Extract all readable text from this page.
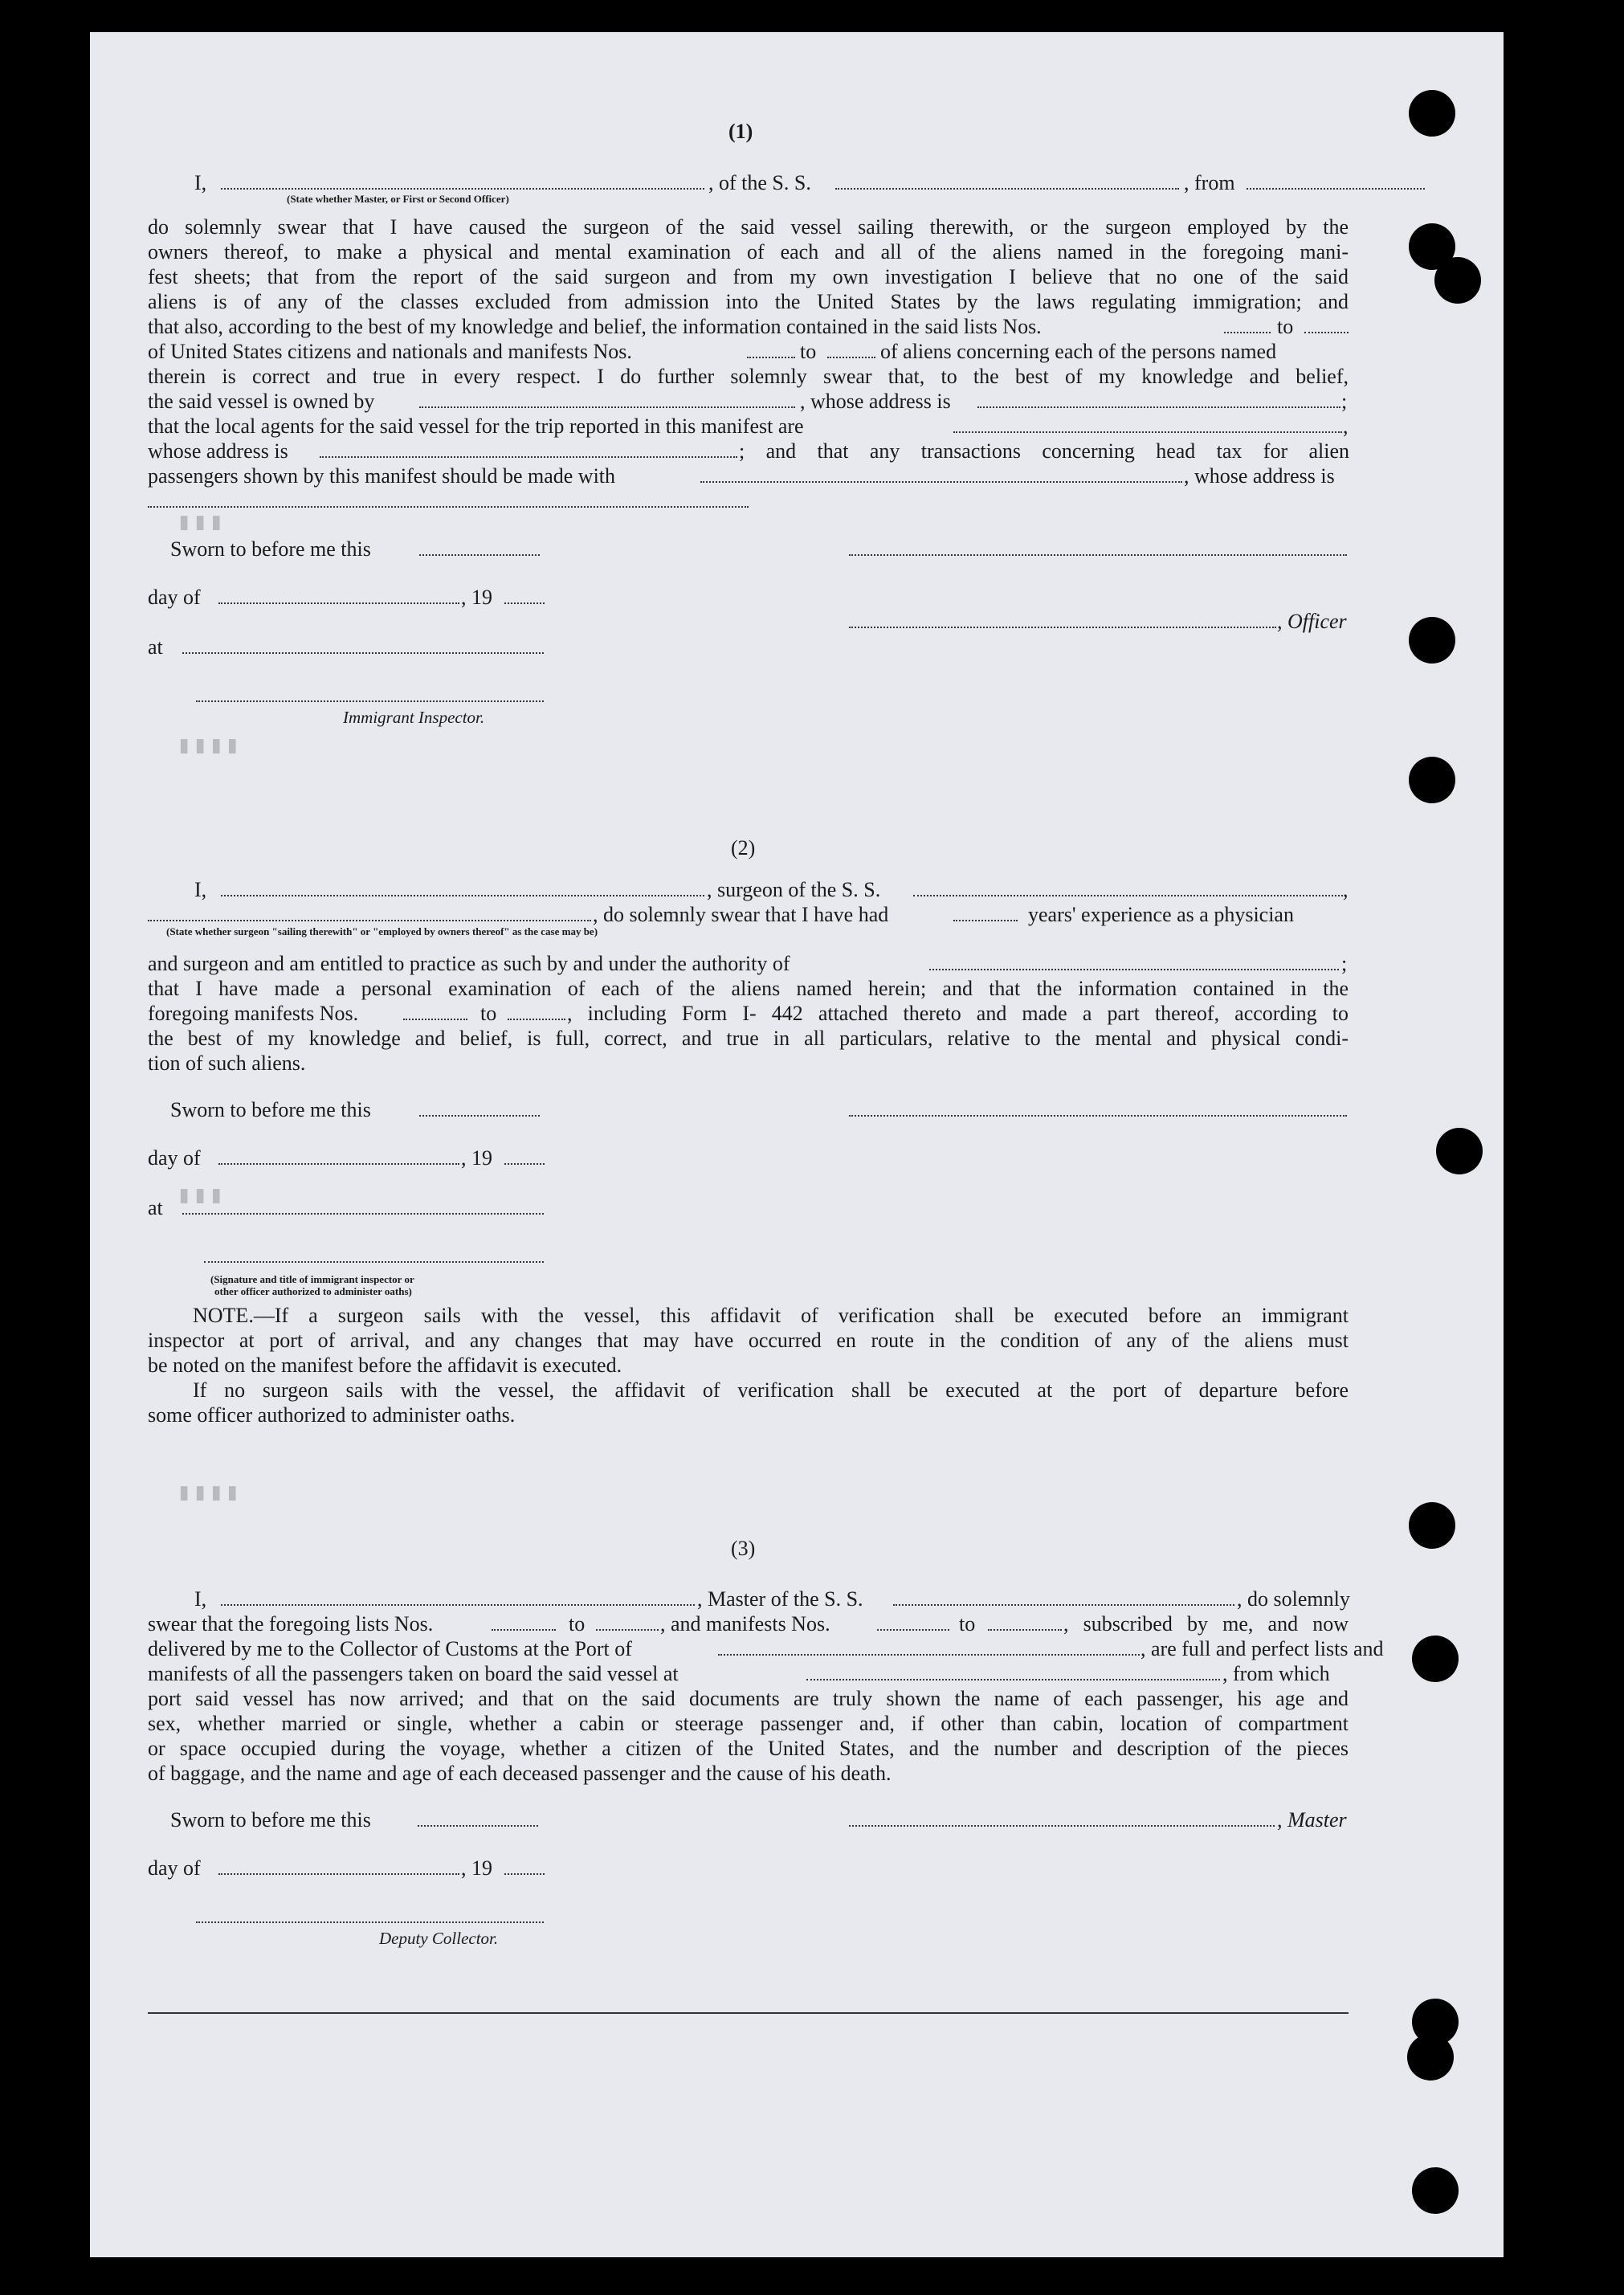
▮▮▮
▮▮▮▮
▮▮▮
▮▮▮▮
(1)
I,	, of the S. S.	, from
(State whether Master, or First or Second Officer)
do solemnly swear that I have caused the surgeon of the said vessel sailing therewith, or the surgeon employed by the
owners thereof, to make a physical and mental examination of each and all of the aliens named in the foregoing mani-
fest sheets; that from the report of the said surgeon and from my own investigation I believe that no one of the said
aliens is of any of the classes excluded from admission into the United States by the laws regulating immigration; and
that also, according to the best of my knowledge and belief, the information contained in the said lists Nos.	to
of United States citizens and nationals and manifests Nos.	to	of aliens concerning each of the persons named
therein is correct and true in every respect. I do further solemnly swear that, to the best of my knowledge and belief,
the said vessel is owned by	, whose address is	;
that the local agents for the said vessel for the trip reported in this manifest are	,
whose address is	; and that any transactions concerning head tax for alien
passengers shown by this manifest should be made with	, whose address is
Sworn to before me this
day of	, 19
, Officer
at
Immigrant Inspector.
(2)
I,	, surgeon of the S. S.	,
, do solemnly swear that I have had	years' experience as a physician
(State whether surgeon "sailing therewith" or "employed by owners thereof" as the case may be)
and surgeon and am entitled to practice as such by and under the authority of	;
that I have made a personal examination of each of the aliens named herein; and that the information contained in the
foregoing manifests Nos.	to	, including Form I- 442 attached thereto and made a part thereof, according to
the best of my knowledge and belief, is full, correct, and true in all particulars, relative to the mental and physical condi-
tion of such aliens.
Sworn to before me this
day of	, 19
at
(Signature and title of immigrant inspector or
other officer authorized to administer oaths)
NOTE.—If a surgeon sails with the vessel, this affidavit of verification shall be executed before an immigrant
inspector at port of arrival, and any changes that may have occurred en route in the condition of any of the aliens must
be noted on the manifest before the affidavit is executed.
If no surgeon sails with the vessel, the affidavit of verification shall be executed at the port of departure before
some officer authorized to administer oaths.
(3)
I,	, Master of the S. S.	, do solemnly
swear that the foregoing lists Nos.	to	, and manifests Nos.	to	, subscribed by me, and now
delivered by me to the Collector of Customs at the Port of	, are full and perfect lists and
manifests of all the passengers taken on board the said vessel at	, from which
port said vessel has now arrived; and that on the said documents are truly shown the name of each passenger, his age and
sex, whether married or single, whether a cabin or steerage passenger and, if other than cabin, location of compartment
or space occupied during the voyage, whether a citizen of the United States, and the number and description of the pieces
of baggage, and the name and age of each deceased passenger and the cause of his death.
Sworn to before me this	, Master
day of	, 19
Deputy Collector.
